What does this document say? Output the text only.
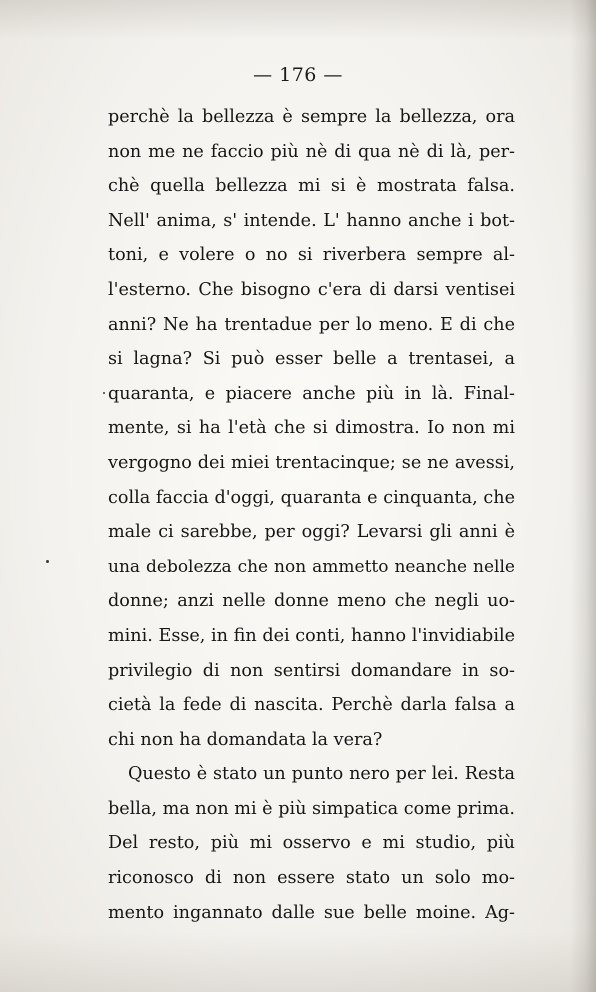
— 176 —
perchè la bellezza è sempre la bellezza, ora
non me ne faccio più nè di qua nè di là, per-
chè quella bellezza mi si è mostrata falsa.
Nell' anima, s' intende. L' hanno anche i bot-
toni, e volere o no si riverbera sempre al-
l'esterno. Che bisogno c'era di darsi ventisei
anni? Ne ha trentadue per lo meno. E di che
si lagna? Si può esser belle a trentasei, a
quaranta, e piacere anche più in là. Final-
mente, si ha l'età che si dimostra. Io non mi
vergogno dei miei trentacinque; se ne avessi,
colla faccia d'oggi, quaranta e cinquanta, che
male ci sarebbe, per oggi? Levarsi gli anni è
una debolezza che non ammetto neanche nelle
donne; anzi nelle donne meno che negli uo-
mini. Esse, in fin dei conti, hanno l'invidiabile
privilegio di non sentirsi domandare in so-
cietà la fede di nascita. Perchè darla falsa a
chi non ha domandata la vera?
Questo è stato un punto nero per lei. Resta
bella, ma non mi è più simpatica come prima.
Del resto, più mi osservo e mi studio, più
riconosco di non essere stato un solo mo-
mento ingannato dalle sue belle moine. Ag-
